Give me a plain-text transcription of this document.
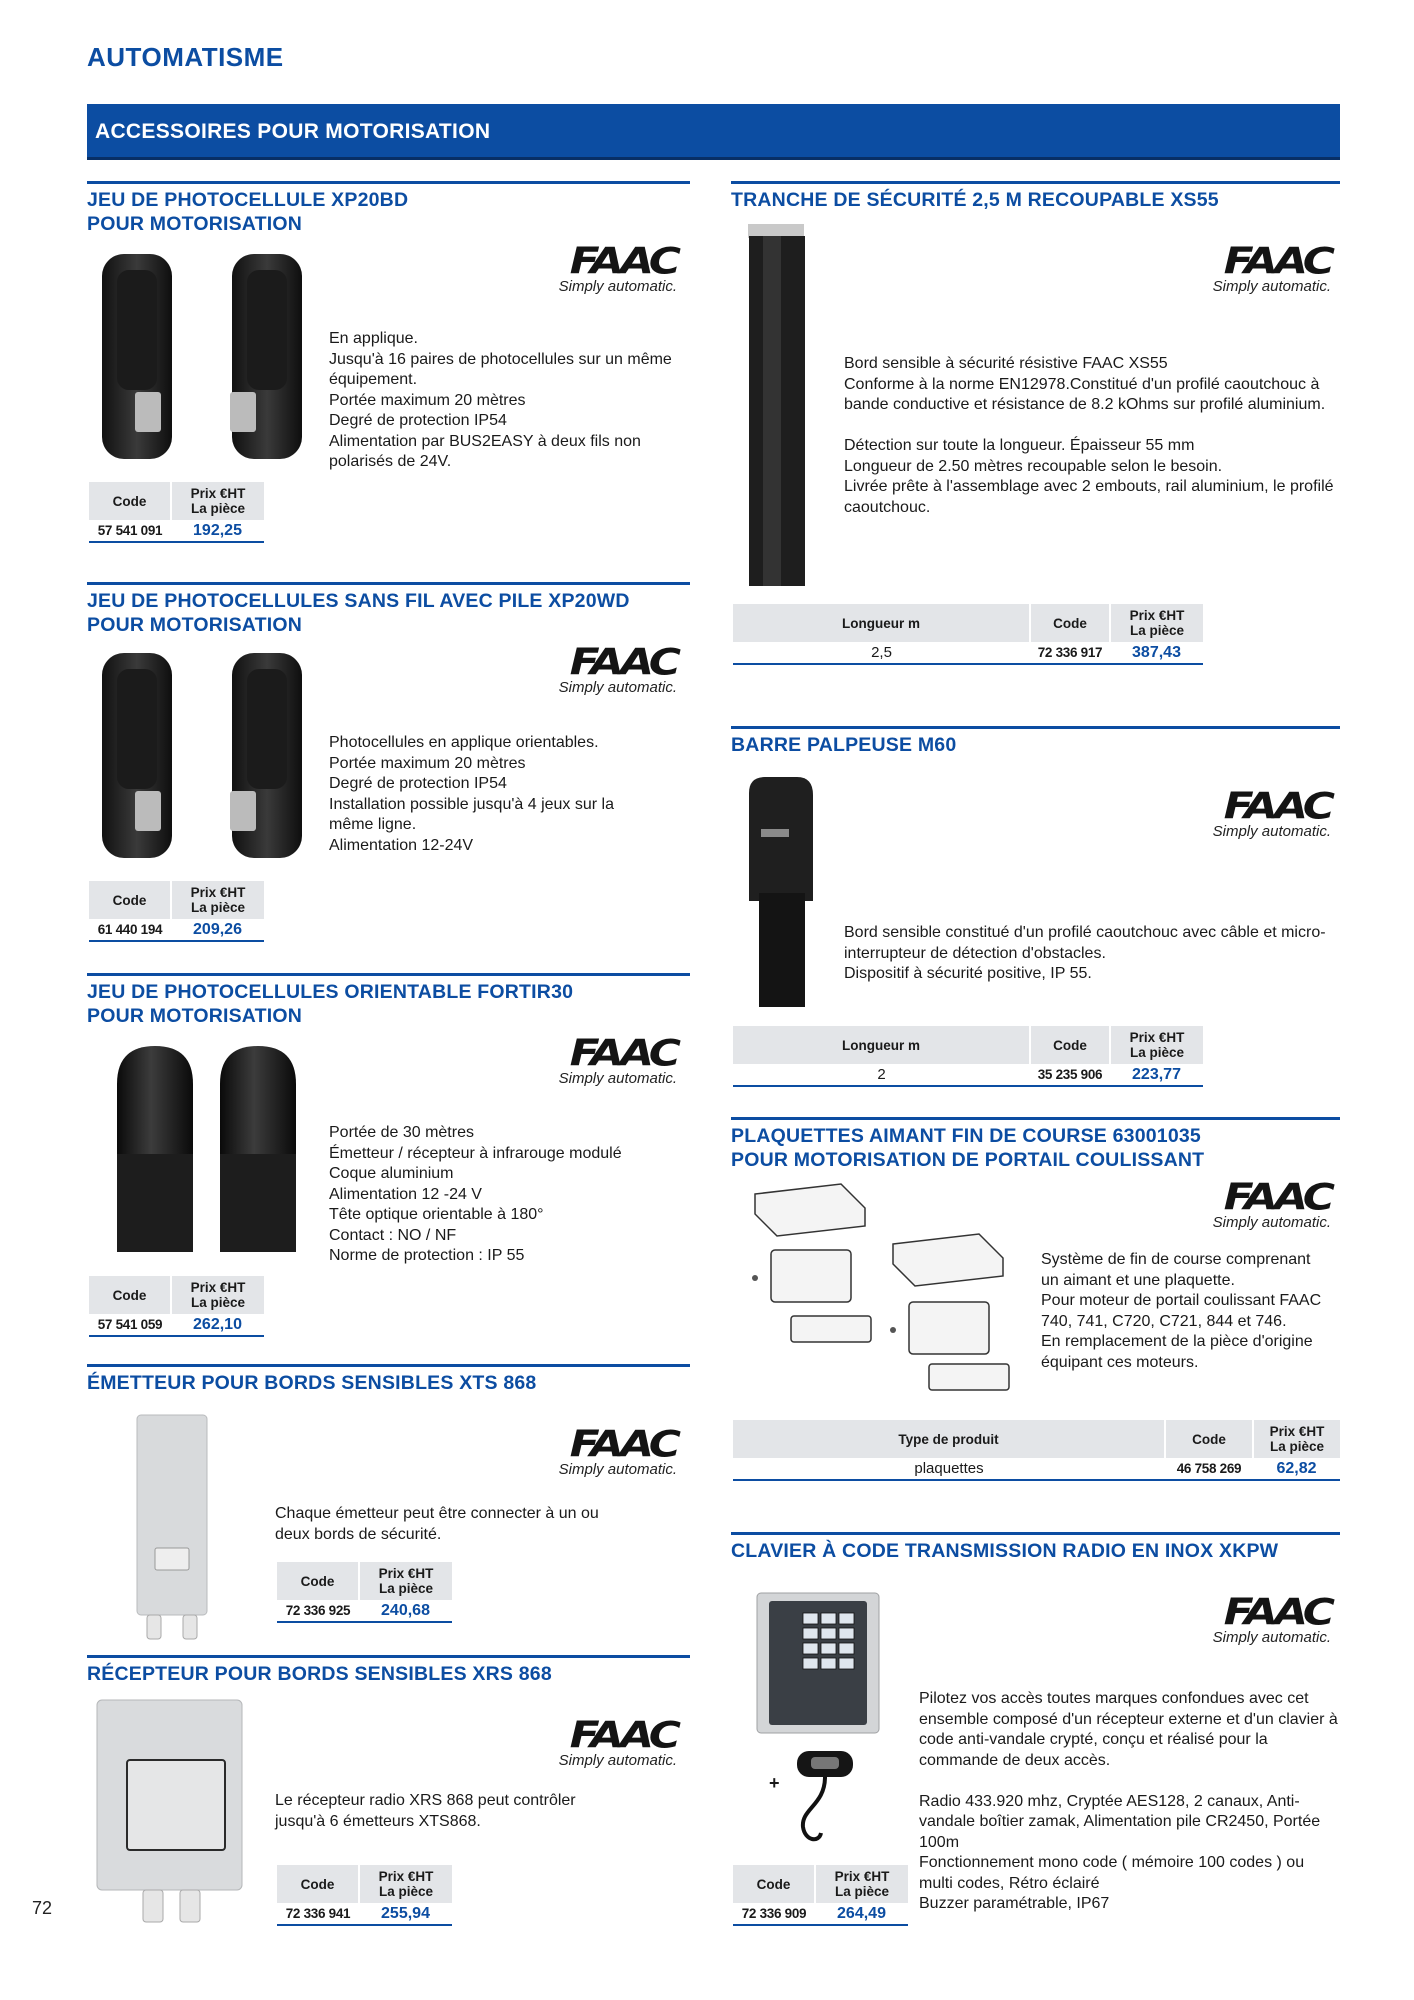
AUTOMATISME
ACCESSOIRES POUR MOTORISATION
JEU DE PHOTOCELLULE XP20BD
POUR MOTORISATION
FAAC
Simply automatic.
En applique.
Jusqu'à 16 paires de photocellules sur un même équipement.
Portée maximum 20 mètres
Degré de protection IP54
Alimentation par BUS2EASY à deux fils non polarisés de 24V.
Code	Prix €HT
La pièce
57 541 091	192,25
JEU DE PHOTOCELLULES SANS FIL AVEC PILE XP20WD
POUR MOTORISATION
FAAC
Simply automatic.
Photocellules en applique orientables.
Portée maximum 20 mètres
Degré de protection IP54
Installation possible jusqu'à 4 jeux sur la même ligne.
Alimentation 12-24V
Code	Prix €HT
La pièce
61 440 194	209,26
JEU DE PHOTOCELLULES ORIENTABLE FORTIR30
POUR MOTORISATION
FAAC
Simply automatic.
Portée de 30 mètres
Émetteur / récepteur à infrarouge modulé
Coque aluminium
Alimentation 12 -24 V
Tête optique orientable à 180°
Contact : NO / NF
Norme de protection : IP 55
Code	Prix €HT
La pièce
57 541 059	262,10
ÉMETTEUR POUR BORDS SENSIBLES XTS 868
FAAC
Simply automatic.
Chaque émetteur peut être connecter à un ou deux bords de sécurité.
Code	Prix €HT
La pièce
72 336 925	240,68
RÉCEPTEUR POUR BORDS SENSIBLES XRS 868
FAAC
Simply automatic.
Le récepteur radio XRS 868 peut contrôler jusqu'à 6 émetteurs XTS868.
Code	Prix €HT
La pièce
72 336 941	255,94
TRANCHE DE SÉCURITÉ 2,5 M RECOUPABLE XS55
FAAC
Simply automatic.
Bord sensible à sécurité résistive FAAC XS55
Conforme à la norme EN12978.Constitué d'un profilé caoutchouc à bande conductive et résistance de 8.2 kOhms sur profilé aluminium.

Détection sur toute la longueur. Épaisseur 55 mm
Longueur de 2.50 mètres recoupable selon le besoin.
Livrée prête à l'assemblage avec 2 embouts, rail aluminium, le profilé caoutchouc.
Longueur m	Code	Prix €HT
La pièce
2,5	72 336 917	387,43
BARRE PALPEUSE M60
FAAC
Simply automatic.
Bord sensible constitué d'un profilé caoutchouc avec câble et micro-interrupteur de détection d'obstacles.
Dispositif à sécurité positive, IP 55.
Longueur m	Code	Prix €HT
La pièce
2	35 235 906	223,77
PLAQUETTES AIMANT FIN DE COURSE 63001035
POUR MOTORISATION DE PORTAIL COULISSANT
FAAC
Simply automatic.
Système de fin de course comprenant un aimant et une plaquette.
Pour moteur de portail coulissant FAAC 740, 741, C720, C721, 844 et 746.
En remplacement de la pièce d'origine équipant ces moteurs.
Type de produit	Code	Prix €HT
La pièce
plaquettes	46 758 269	62,82
CLAVIER À CODE TRANSMISSION RADIO EN INOX XKPW
+
FAAC
Simply automatic.
Pilotez vos accès toutes marques confondues avec cet ensemble composé d'un récepteur externe et d'un clavier à code anti-vandale crypté, conçu et réalisé pour la commande de deux accès.

Radio 433.920 mhz, Cryptée AES128, 2 canaux, Anti-vandale boîtier zamak, Alimentation pile CR2450, Portée 100m
Fonctionnement mono code ( mémoire 100 codes ) ou multi codes, Rétro éclairé
Buzzer paramétrable, IP67
Code	Prix €HT
La pièce
72 336 909	264,49
72
